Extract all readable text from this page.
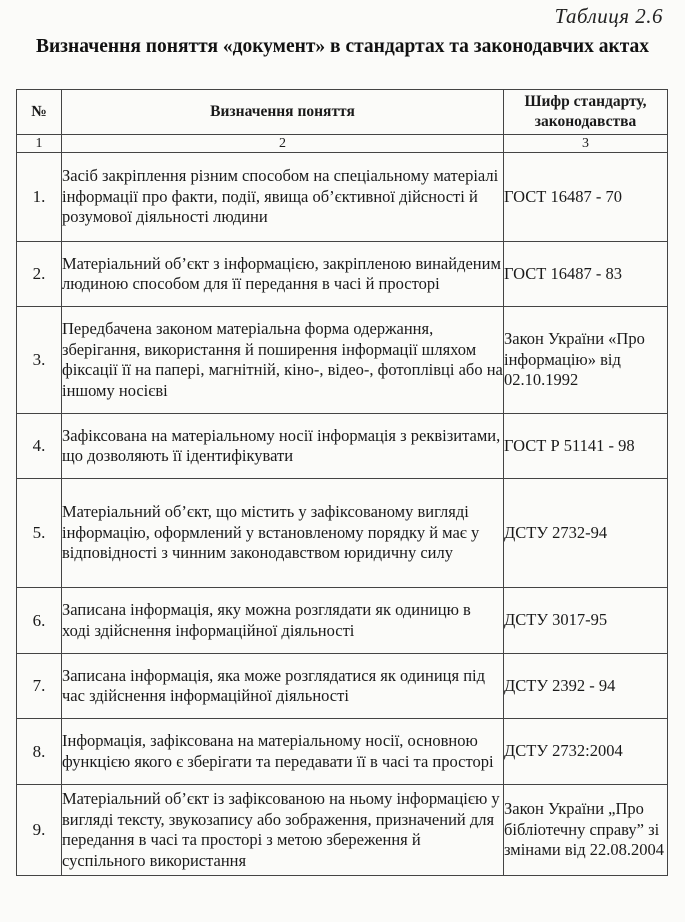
Таблиця 2.6
Визначення поняття «документ» в стандартах та законодавчих актах
№	Визначення поняття	Шифр стандарту, законодавства
1	2	3
1.	Засіб закріплення різним способом на спеціальному матеріалі інформації про факти, події, явища об’єктивної дійсності й розумової діяльності людини	ГОСТ 16487 - 70
2.	Матеріальний об’єкт з інформацією, закріпленою винайденим людиною способом для її передання в часі й просторі	ГОСТ 16487 - 83
3.	Передбачена законом матеріальна форма одержання, зберігання, використання й поширення інформації шляхом фіксації її на папері, магнітній, кіно-, відео-, фотоплівці або на іншому носієві	Закон України «Про інформацію» від 02.10.1992
4.	Зафіксована на матеріальному носії інформація з реквізитами, що дозволяють її ідентифікувати	ГОСТ Р 51141 - 98
5.	Матеріальний об’єкт, що містить у зафіксованому вигляді інформацію, оформлений у встановленому порядку й має у відповідності з чинним законодавством юридичну силу	ДСТУ 2732-94
6.	Записана інформація, яку можна розглядати як одиницю в ході здійснення інформаційної діяльності	ДСТУ 3017-95
7.	Записана інформація, яка може розглядатися як одиниця під час здійснення інформаційної діяльності	ДСТУ 2392 - 94
8.	Інформація, зафіксована на матеріальному носії, основною функцією якого є зберігати та передавати її в часі та просторі	ДСТУ 2732:2004
9.	Матеріальний об’єкт із зафіксованою на ньому інформацією у вигляді тексту, звукозапису або зображення, призначений для передання в часі та просторі з метою збереження й суспільного використання	Закон України „Про бібліотечну справу” зі змінами від 22.08.2004
